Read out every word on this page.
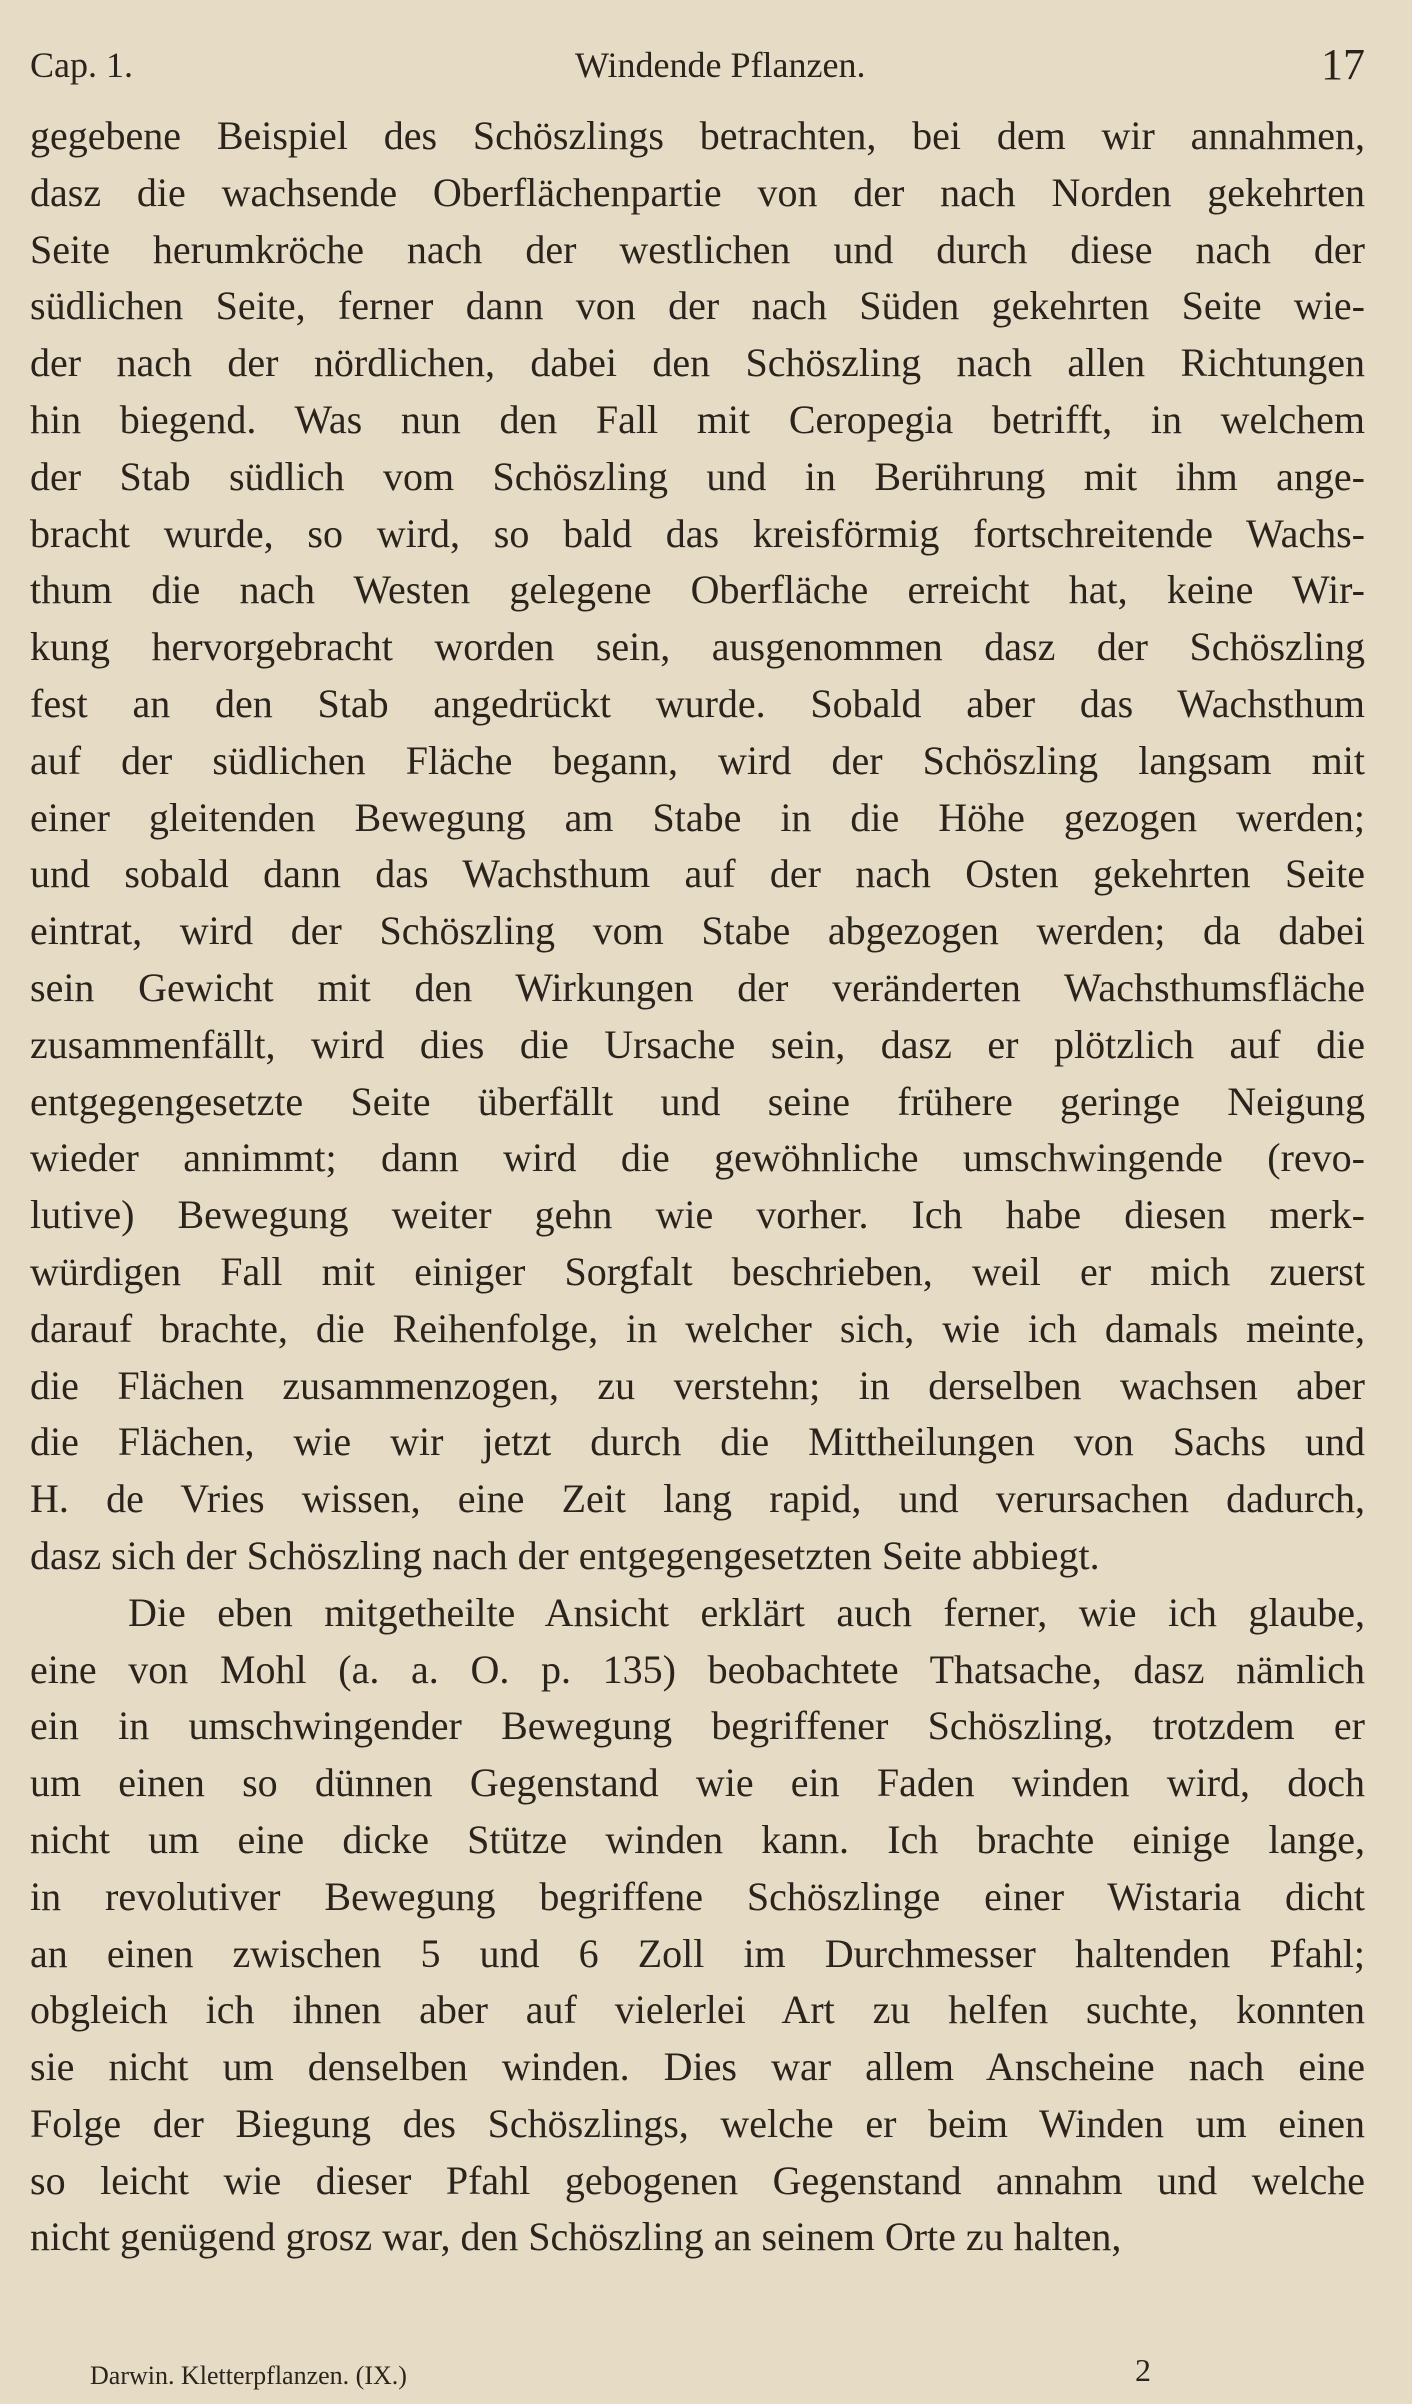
Cap. 1.	Windende Pflanzen.	17
gegebene Beispiel des Schöszlings betrachten, bei dem wir annahmen,
dasz die wachsende Oberflächenpartie von der nach Norden gekehrten
Seite herumkröche nach der westlichen und durch diese nach der
südlichen Seite, ferner dann von der nach Süden gekehrten Seite wie-
der nach der nördlichen, dabei den Schöszling nach allen Richtungen
hin biegend. Was nun den Fall mit Ceropegia betrifft, in welchem
der Stab südlich vom Schöszling und in Berührung mit ihm ange-
bracht wurde, so wird, so bald das kreisförmig fortschreitende Wachs-
thum die nach Westen gelegene Oberfläche erreicht hat, keine Wir-
kung hervorgebracht worden sein, ausgenommen dasz der Schöszling
fest an den Stab angedrückt wurde. Sobald aber das Wachsthum
auf der südlichen Fläche begann, wird der Schöszling langsam mit
einer gleitenden Bewegung am Stabe in die Höhe gezogen werden;
und sobald dann das Wachsthum auf der nach Osten gekehrten Seite
eintrat, wird der Schöszling vom Stabe abgezogen werden; da dabei
sein Gewicht mit den Wirkungen der veränderten Wachsthumsfläche
zusammenfällt, wird dies die Ursache sein, dasz er plötzlich auf die
entgegengesetzte Seite überfällt und seine frühere geringe Neigung
wieder annimmt; dann wird die gewöhnliche umschwingende (revo-
lutive) Bewegung weiter gehn wie vorher. Ich habe diesen merk-
würdigen Fall mit einiger Sorgfalt beschrieben, weil er mich zuerst
darauf brachte, die Reihenfolge, in welcher sich, wie ich damals meinte,
die Flächen zusammenzogen, zu verstehn; in derselben wachsen aber
die Flächen, wie wir jetzt durch die Mittheilungen von Sachs und
H. de Vries wissen, eine Zeit lang rapid, und verursachen dadurch,
dasz sich der Schöszling nach der entgegengesetzten Seite abbiegt.
Die eben mitgetheilte Ansicht erklärt auch ferner, wie ich glaube,
eine von Mohl (a. a. O. p. 135) beobachtete Thatsache, dasz nämlich
ein in umschwingender Bewegung begriffener Schöszling, trotzdem er
um einen so dünnen Gegenstand wie ein Faden winden wird, doch
nicht um eine dicke Stütze winden kann. Ich brachte einige lange,
in revolutiver Bewegung begriffene Schöszlinge einer Wistaria dicht
an einen zwischen 5 und 6 Zoll im Durchmesser haltenden Pfahl;
obgleich ich ihnen aber auf vielerlei Art zu helfen suchte, konnten
sie nicht um denselben winden. Dies war allem Anscheine nach eine
Folge der Biegung des Schöszlings, welche er beim Winden um einen
so leicht wie dieser Pfahl gebogenen Gegenstand annahm und welche
nicht genügend grosz war, den Schöszling an seinem Orte zu halten,
Darwin. Kletterpflanzen. (IX.)	2
